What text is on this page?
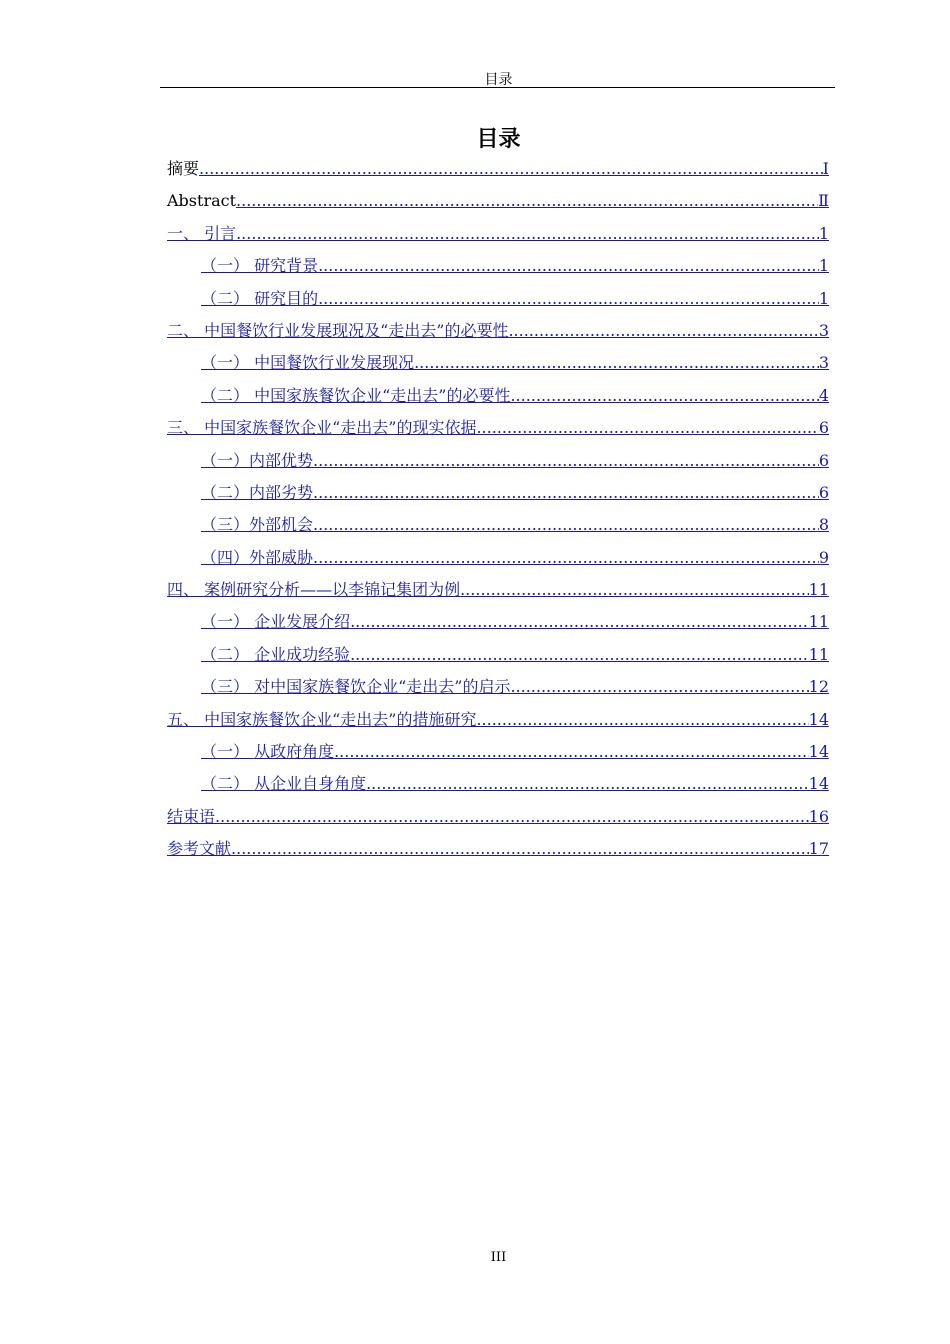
目录
目录
摘要 .....	I
Abstract .....	Ⅱ
一、 引言 .....	1
（一） 研究背景 .....	1
（二） 研究目的 .....	1
二、 中国餐饮行业发展现况及“走出去”的必要性 .....	3
（一） 中国餐饮行业发展现况 .....	3
（二） 中国家族餐饮企业“走出去”的必要性 .....	4
三、 中国家族餐饮企业“走出去”的现实依据 .....	6
（一）内部优势 .....	6
（二）内部劣势 .....	6
（三）外部机会 .....	8
（四）外部威胁 .....	9
四、 案例研究分析——以李锦记集团为例 .....	11
（一） 企业发展介绍 .....	11
（二） 企业成功经验 .....	11
（三） 对中国家族餐饮企业“走出去”的启示 .....	12
五、 中国家族餐饮企业“走出去”的措施研究 .....	14
（一） 从政府角度 .....	14
（二） 从企业自身角度 .....	14
结束语 .....	16
参考文献 .....	17
III
